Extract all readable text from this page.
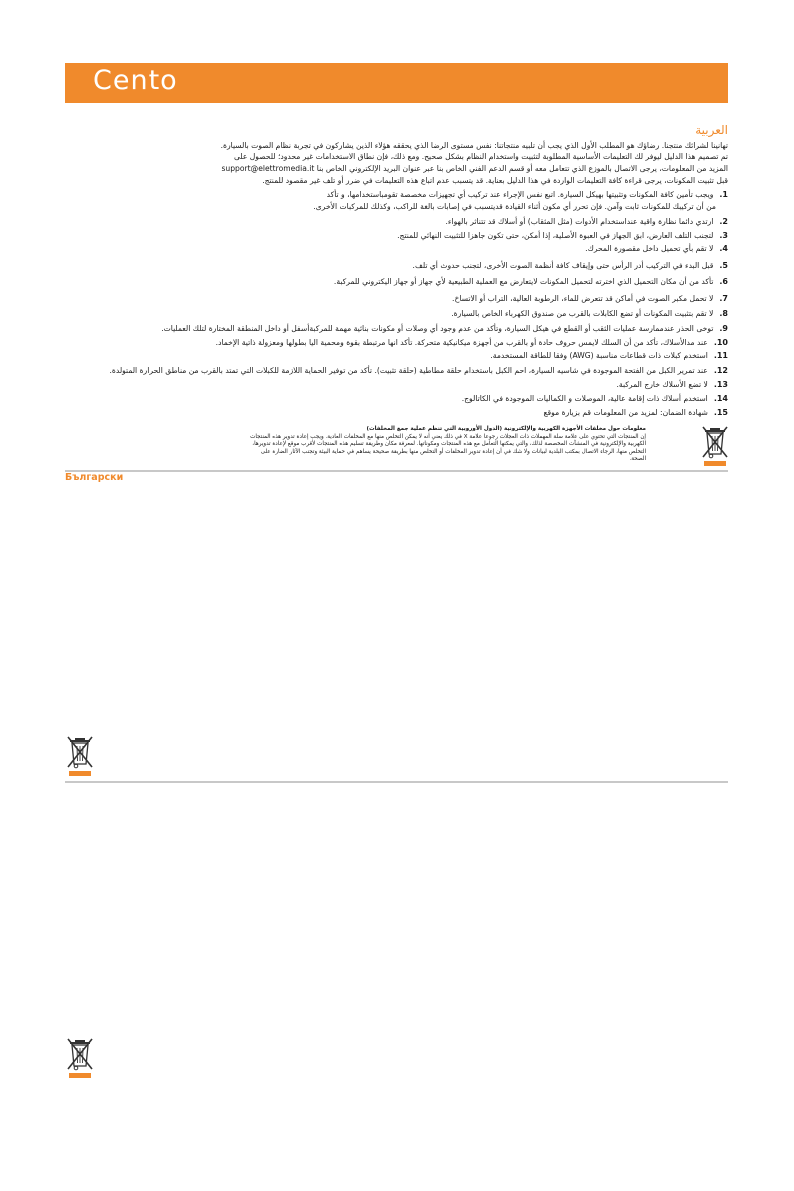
Cento
العربية
تهانينا لشرائك منتجنا. رضاؤك هو المطلب الأول الذي يجب أن تلبيه منتجاتنا: نفس مستوى الرضا الذي يحققه هؤلاء الذين يشاركون في تجربة نظام الصوت بالسيارة.
تم تصميم هذا الدليل ليوفر لك التعليمات الأساسية المطلوبة لتثبيت واستخدام النظام بشكل صحيح. ومع ذلك، فإن نطاق الاستخدامات غير محدود؛ للحصول على
المزيد من المعلومات، يرجى الاتصال بالموزع الذي تتعامل معه أو قسم الدعم الفني الخاص بنا عبر عنوان البريد الإلكتروني الخاص بنا support@elettromedia.it
قبل تثبيت المكونات، يرجى قراءة كافة التعليمات الواردة في هذا الدليل بعناية. قد يتسبب عدم اتباع هذه التعليمات في ضرر أو تلف غير مقصود للمنتج.
1.ويجب تأمين كافة المكونات وتثبيتها بهيكل السيارة. اتبع نفس الإجراء عند تركيب أي تجهيزات مخصصة تقومباستخدامها، و تأكد
من أن تركيبك للمكونات ثابت وآمن. فإن تحرر أي مكون أثناء القيادة قديتسبب في إصابات بالغة للراكب، وكذلك للمركبات الأخرى.
2.ارتدي دائما نظارة واقية عنداستخدام الأدوات (مثل المثقاب) أو أسلاك قد تتناثر بالهواء.
3.لتجنب التلف العارض، ابق الجهاز في العبوة الأصلية، إذا أمكن، حتى تكون جاهزا للتثبيت النهائي للمنتج.
4.لا تقم بأي تحميل داخل مقصورة المحرك.
5.قبل البدء في التركيب أدر الرأس حتى وإيقاف كافة أنظمة الصوت الأخرى، لتجنب حدوث أي تلف.
6.تأكد من أن مكان التحميل الذي اخترته لتحميل المكونات لايتعارض مع العملية الطبيعية لأي جهاز أو جهاز اليكتروني للمركبة.
7.لا تحمل مكبر الصوت في أماكن قد تتعرض للماء، الرطوبة العالية، التراب أو الاتساخ.
8.لا تقم بتثبيت المكونات أو تضع الكابلات بالقرب من صندوق الكهرباء الخاص بالسيارة.
9.توخى الحذر عندممارسة عمليات الثقب أو القطع في هيكل السيارة، وتأكد من عدم وجود أي وصلات أو مكونات بنائية مهمة للمركبةأسفل أو داخل المنطقة المختارة لتلك العمليات.
10.عند مدالأسلاك، تأكد من أن السلك لايمس حروف حادة أو بالقرب من أجهزة ميكانيكية متحركة. تأكد انها مرتبطة بقوة ومحمية اليا بطولها ومعزولة ذاتية الإخماد.
11.استخدم كبلات ذات قطاعات مناسبة (AWG) وفقا للطاقة المستخدمة.
12.عند تمرير الكبل من الفتحة الموجودة في شاسيه السيارة، احم الكبل باستخدام حلقة مطاطية (حلقة تثبيت). تأكد من توفير الحماية اللازمة للكبلات التي تمتد بالقرب من مناطق الحرارة المتولدة.
13.لا تضع الأسلاك خارج المركبة.
14.استخدم أسلاك ذات إقامة عالية، الموصلات و الكماليات الموجودة في الكاتالوج.
15.شهادة الضمان: لمزيد من المعلومات قم بزيارة موقع
معلومات حول مخلفات الأجهزة الكهربية والإلكترونية (الدول الأوروبية التي تنظم عملية جمع المخلفات)
إن المنتجات التي تحتوي على علامة سلة المهملات ذات العجلات رجوعا علامة X في ذلك يعني أنه لا يمكن التخلص منها مع المخلفات العادية. ويجب إعادة تدوير هذه المنتجات
الكهربية والإلكترونية في المنشآت المخصصة لذلك، والتي يمكنها التعامل مع هذه المنتجات ومكوناتها. لمعرفة مكان وطريقة تسليم هذه المنتجات لأقرب موقع لإعادة تدويرها،
التخلص منها، الرجاء الاتصال بمكتب البلدية لبيانات ولا شك في أن إعادة تدوير المخلفات أو التخلص منها بطريقة صحيحة يساهم في حماية البيئة وتجنب الآثار الضارة على
الصحة.
Български
